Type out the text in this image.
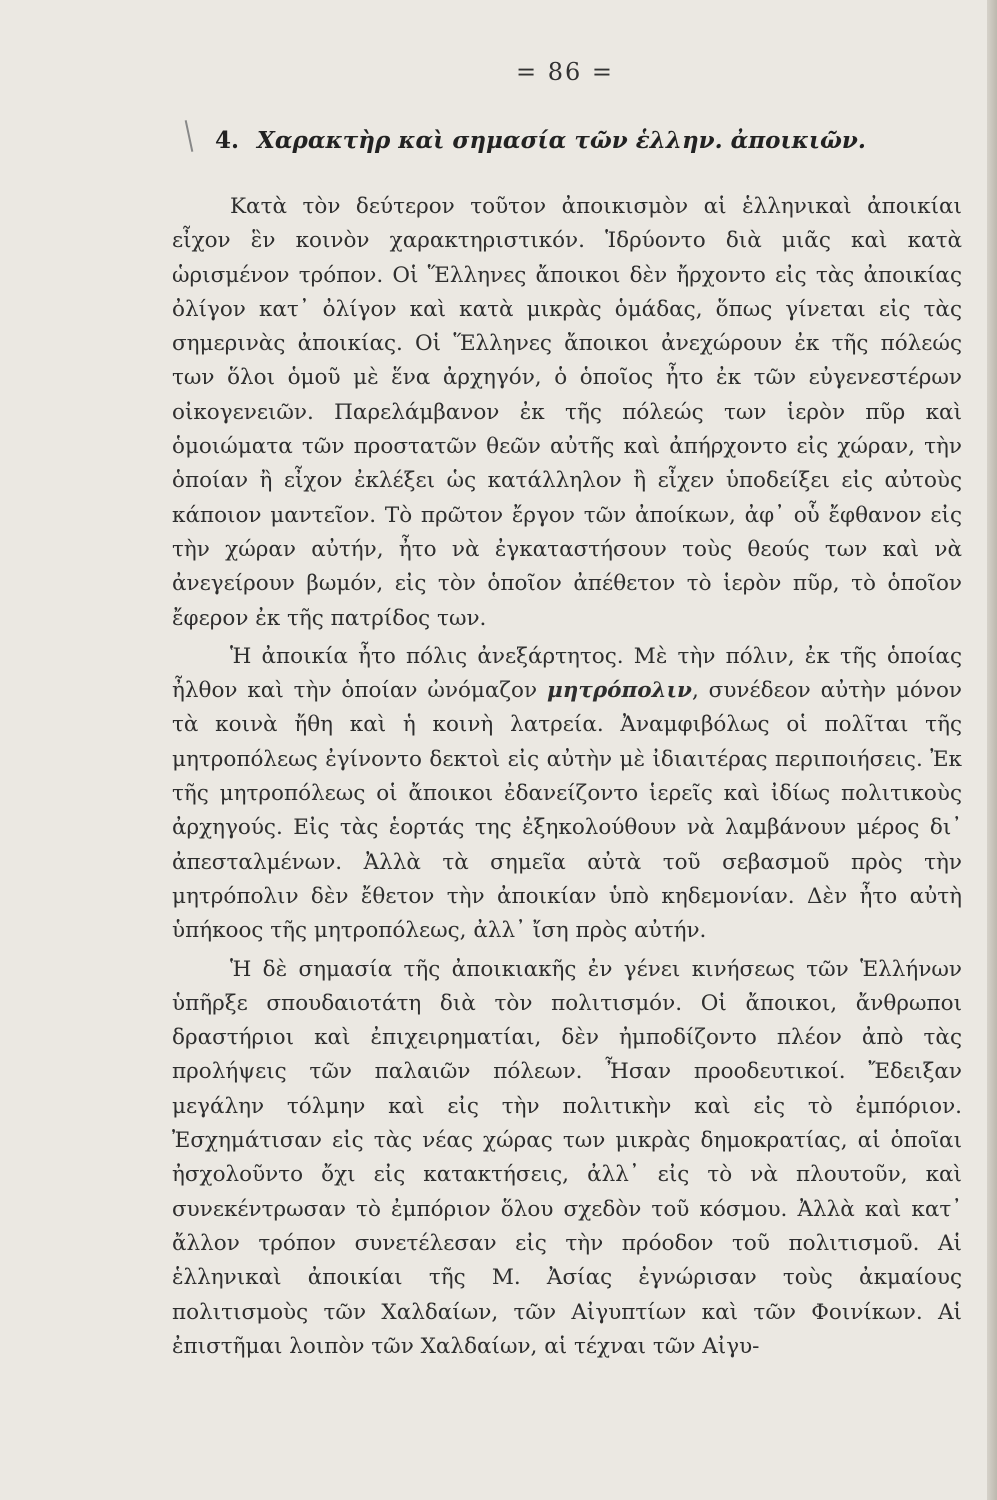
= 86 =
4. Χαρακτὴρ καὶ σημασία τῶν ἑλλην. ἀποικιῶν.

Κατὰ τὸν δεύτερον τοῦτον ἀποικισμὸν αἱ ἑλληνικαὶ ἀποικίαι εἶχον ἓν κοινὸν χαρακτηριστικόν. Ἱδρύοντο διὰ μιᾶς καὶ κατὰ ὡρισμένον τρόπον. Οἱ Ἕλληνες ἄποικοι δὲν ἤρχοντο εἰς τὰς ἀποικίας ὀλίγον κατ᾽ ὀλίγον καὶ κατὰ μικρὰς ὁμάδας, ὅπως γίνεται εἰς τὰς σημερινὰς ἀποικίας. Οἱ Ἕλληνες ἄποικοι ἀνεχώρουν ἐκ τῆς πόλεώς των ὅλοι ὁμοῦ μὲ ἕνα ἀρχηγόν, ὁ ὁποῖος ἦτο ἐκ τῶν εὐγενεστέρων οἰκογενειῶν. Παρελάμβανον ἐκ τῆς πόλεώς των ἱερὸν πῦρ καὶ ὁμοιώματα τῶν προστατῶν θεῶν αὐτῆς καὶ ἀπήρχοντο εἰς χώραν, τὴν ὁποίαν ἢ εἶχον ἐκλέξει ὡς κατάλληλον ἢ εἶχεν ὑποδείξει εἰς αὐτοὺς κάποιον μαντεῖον. Τὸ πρῶτον ἔργον τῶν ἀποίκων, ἀφ᾽ οὗ ἔφθανον εἰς τὴν χώραν αὐτήν, ἦτο νὰ ἐγκαταστήσουν τοὺς θεούς των καὶ νὰ ἀνεγείρουν βωμόν, εἰς τὸν ὁποῖον ἀπέθετον τὸ ἱερὸν πῦρ, τὸ ὁποῖον ἔφερον ἐκ τῆς πατρίδος των.

Ἡ ἀποικία ἦτο πόλις ἀνεξάρτητος. Μὲ τὴν πόλιν, ἐκ τῆς ὁποίας ἦλθον καὶ τὴν ὁποίαν ὠνόμαζον μητρόπολιν, συνέδεον αὐτὴν μόνον τὰ κοινὰ ἤθη καὶ ἡ κοινὴ λατρεία. Ἀναμφιβόλως οἱ πολῖται τῆς μητροπόλεως ἐγίνοντο δεκτοὶ εἰς αὐτὴν μὲ ἰδιαιτέρας περιποιήσεις. Ἐκ τῆς μητροπόλεως οἱ ἄποικοι ἐδανείζοντο ἱερεῖς καὶ ἰδίως πολιτικοὺς ἀρχηγούς. Εἰς τὰς ἑορτάς της ἐξηκολούθουν νὰ λαμβάνουν μέρος δι᾽ ἀπεσταλμένων. Ἀλλὰ τὰ σημεῖα αὐτὰ τοῦ σεβασμοῦ πρὸς τὴν μητρόπολιν δὲν ἔθετον τὴν ἀποικίαν ὑπὸ κηδεμονίαν. Δὲν ἦτο αὐτὴ ὑπήκοος τῆς μητροπόλεως, ἀλλ᾽ ἴση πρὸς αὐτήν.

Ἡ δὲ σημασία τῆς ἀποικιακῆς ἐν γένει κινήσεως τῶν Ἑλλήνων ὑπῆρξε σπουδαιοτάτη διὰ τὸν πολιτισμόν. Οἱ ἄποικοι, ἄνθρωποι δραστήριοι καὶ ἐπιχειρηματίαι, δὲν ἠμποδίζοντο πλέον ἀπὸ τὰς προλήψεις τῶν παλαιῶν πόλεων. Ἦσαν προοδευτικοί. Ἔδειξαν μεγάλην τόλμην καὶ εἰς τὴν πολιτικὴν καὶ εἰς τὸ ἐμπόριον. Ἐσχημάτισαν εἰς τὰς νέας χώρας των μικρὰς δημοκρατίας, αἱ ὁποῖαι ἠσχολοῦντο ὄχι εἰς κατακτήσεις, ἀλλ᾽ εἰς τὸ νὰ πλουτοῦν, καὶ συνεκέντρωσαν τὸ ἐμπόριον ὅλου σχεδὸν τοῦ κόσμου. Ἀλλὰ καὶ κατ᾽ ἄλλον τρόπον συνετέλεσαν εἰς τὴν πρόοδον τοῦ πολιτισμοῦ. Αἱ ἑλληνικαὶ ἀποικίαι τῆς Μ. Ἀσίας ἐγνώρισαν τοὺς ἀκμαίους πολιτισμοὺς τῶν Χαλδαίων, τῶν Αἰγυπτίων καὶ τῶν Φοινίκων. Αἱ ἐπιστῆμαι λοιπὸν τῶν Χαλδαίων, αἱ τέχναι τῶν Αἰγυ-
